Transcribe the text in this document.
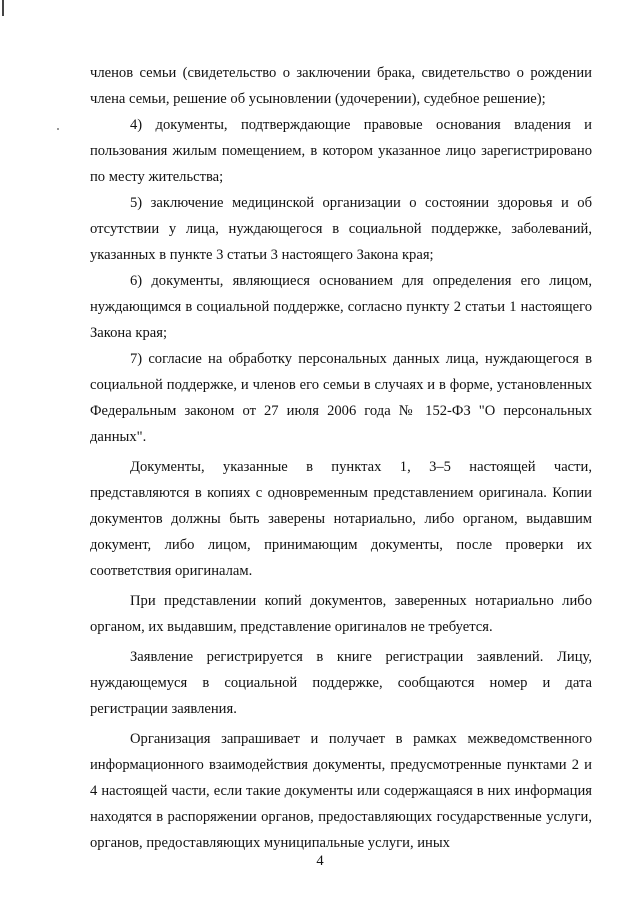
членов семьи (свидетельство о заключении брака, свидетельство о рождении члена семьи, решение об усыновлении (удочерении), судебное решение);

4) документы, подтверждающие правовые основания владения и пользования жилым помещением, в котором указанное лицо зарегистрировано по месту жительства;

5) заключение медицинской организации о состоянии здоровья и об отсутствии у лица, нуждающегося в социальной поддержке, заболеваний, указанных в пункте 3 статьи 3 настоящего Закона края;

6) документы, являющиеся основанием для определения его лицом, нуждающимся в социальной поддержке, согласно пункту 2 статьи 1 настоящего Закона края;

7) согласие на обработку персональных данных лица, нуждающегося в социальной поддержке, и членов его семьи в случаях и в форме, установленных Федеральным законом от 27 июля 2006 года № 152-ФЗ "О персональных данных".

Документы, указанные в пунктах 1, 3–5 настоящей части, представляются в копиях с одновременным представлением оригинала. Копии документов должны быть заверены нотариально, либо органом, выдавшим документ, либо лицом, принимающим документы, после проверки их соответствия оригиналам.

При представлении копий документов, заверенных нотариально либо органом, их выдавшим, представление оригиналов не требуется.

Заявление регистрируется в книге регистрации заявлений. Лицу, нуждающемуся в социальной поддержке, сообщаются номер и дата регистрации заявления.

Организация запрашивает и получает в рамках межведомственного информационного взаимодействия документы, предусмотренные пунктами 2 и 4 настоящей части, если такие документы или содержащаяся в них информация находятся в распоряжении органов, предоставляющих государственные услуги, органов, предоставляющих муниципальные услуги, иных

4
